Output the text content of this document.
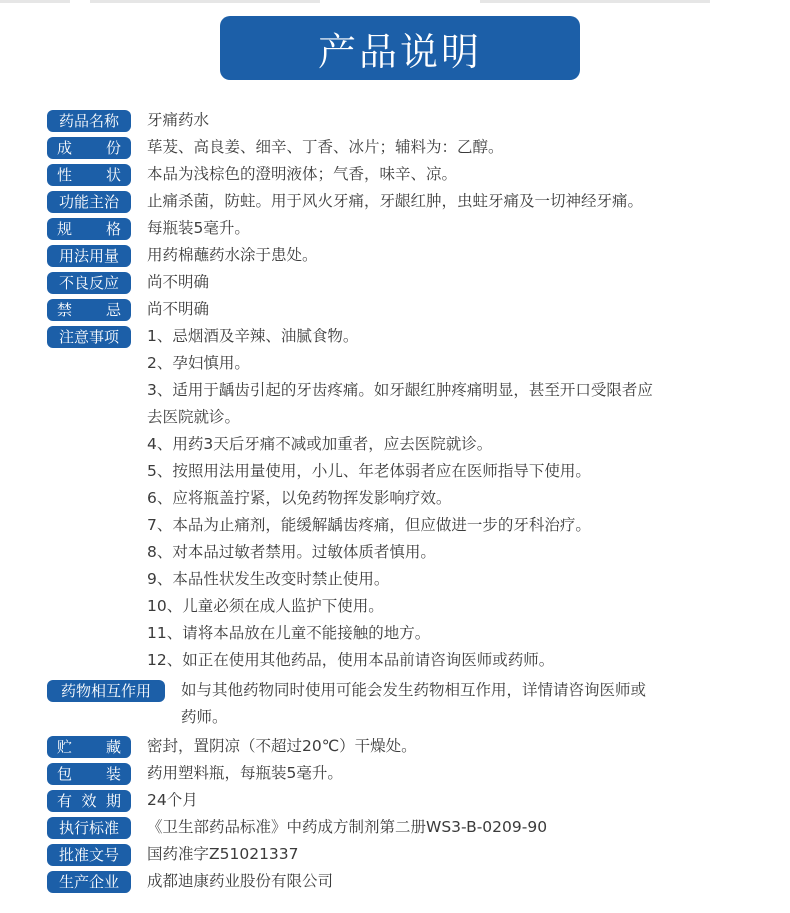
产品说明
药品名称	牙痛药水
成份	荜茇、高良姜、细辛、丁香、冰片；辅料为：乙醇。
性状	本品为浅棕色的澄明液体；气香，味辛、凉。
功能主治	止痛杀菌，防蛀。用于风火牙痛，牙龈红肿，虫蛀牙痛及一切神经牙痛。
规格	每瓶装5毫升。
用法用量	用药棉蘸药水涂于患处。
不良反应	尚不明确
禁忌	尚不明确
注意事项	1、忌烟酒及辛辣、油腻食物。
2、孕妇慎用。
3、适用于龋齿引起的牙齿疼痛。如牙龈红肿疼痛明显，甚至开口受限者应
去医院就诊。
4、用药3天后牙痛不减或加重者，应去医院就诊。
5、按照用法用量使用，小儿、年老体弱者应在医师指导下使用。
6、应将瓶盖拧紧，以免药物挥发影响疗效。
7、本品为止痛剂，能缓解龋齿疼痛，但应做进一步的牙科治疗。
8、对本品过敏者禁用。过敏体质者慎用。
9、本品性状发生改变时禁止使用。
10、儿童必须在成人监护下使用。
11、请将本品放在儿童不能接触的地方。
12、如正在使用其他药品，使用本品前请咨询医师或药师。
药物相互作用	如与其他药物同时使用可能会发生药物相互作用，详情请咨询医师或
药师。
贮藏	密封，置阴凉（不超过20℃）干燥处。
包装	药用塑料瓶，每瓶装5毫升。
有效期	24个月
执行标准	《卫生部药品标准》中药成方制剂第二册WS3-B-0209-90
批准文号	国药准字Z51021337
生产企业	成都迪康药业股份有限公司
